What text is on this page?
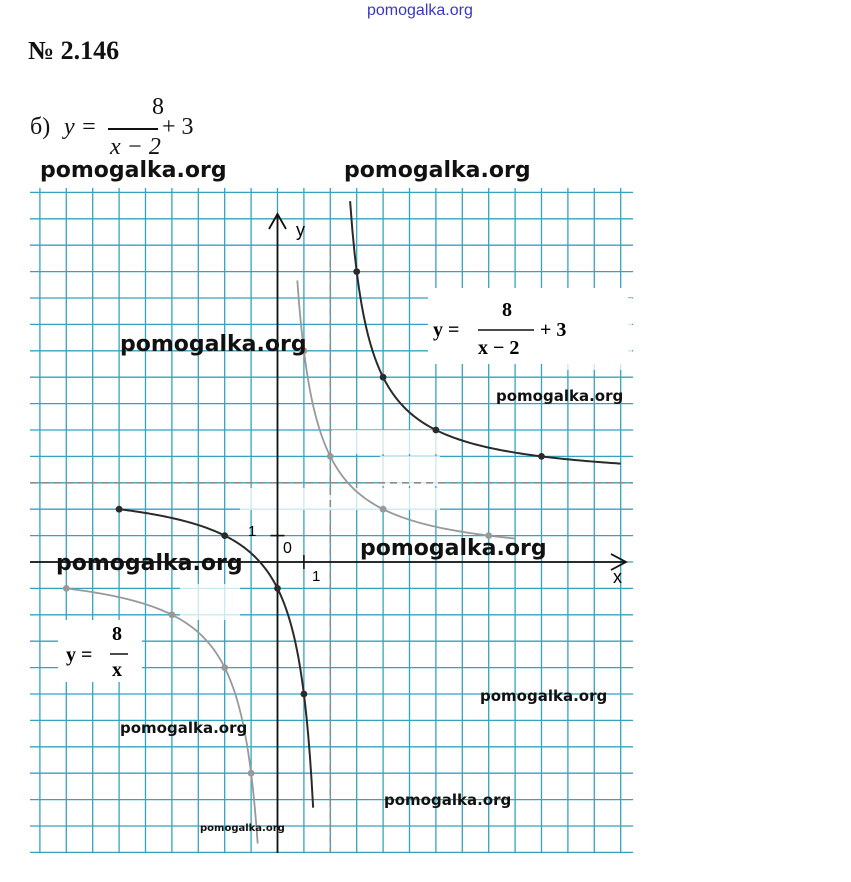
pomogalka.org
№ 2.146
б) y =
8
x − 2
+ 3
x
y
0
1
1
y =
8
x − 2
+ 3
y =
8
x
pomogalka.org	pomogalka.org
pomogalka.org
pomogalka.org
pomogalka.org
pomogalka.org
pomogalka.org
pomogalka.org
pomogalka.org
pomogalka.org
